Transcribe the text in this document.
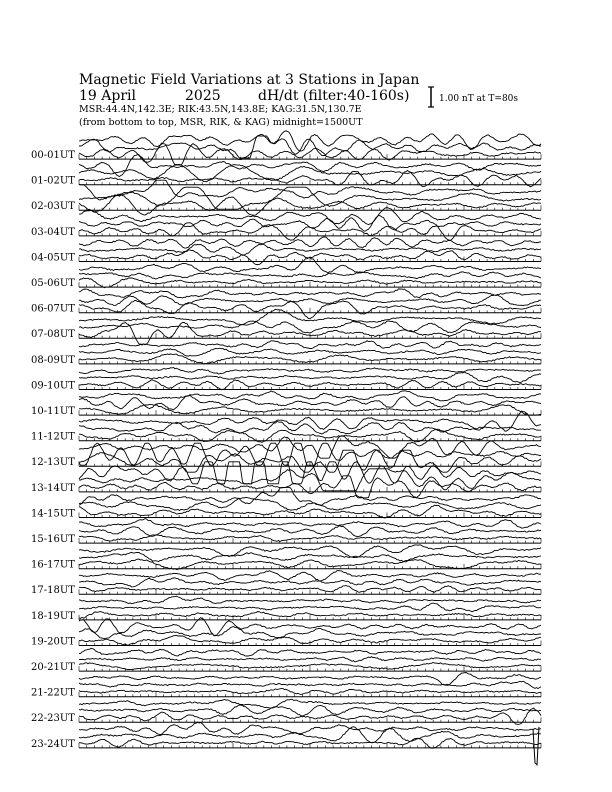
Magnetic Field Variations at 3 Stations in Japan
19 April	2025	dH/dt (filter:40-160s)
MSR:44.4N,142.3E; RIK:43.5N,143.8E; KAG:31.5N,130.7E
(from bottom to top, MSR, RIK, & KAG) midnight=1500UT
1.00 nT at T=80s
00-01UT
01-02UT
02-03UT
03-04UT
04-05UT
05-06UT
06-07UT
07-08UT
08-09UT
09-10UT
10-11UT
11-12UT
12-13UT
13-14UT
14-15UT
15-16UT
16-17UT
17-18UT
18-19UT
19-20UT
20-21UT
21-22UT
22-23UT
23-24UT
